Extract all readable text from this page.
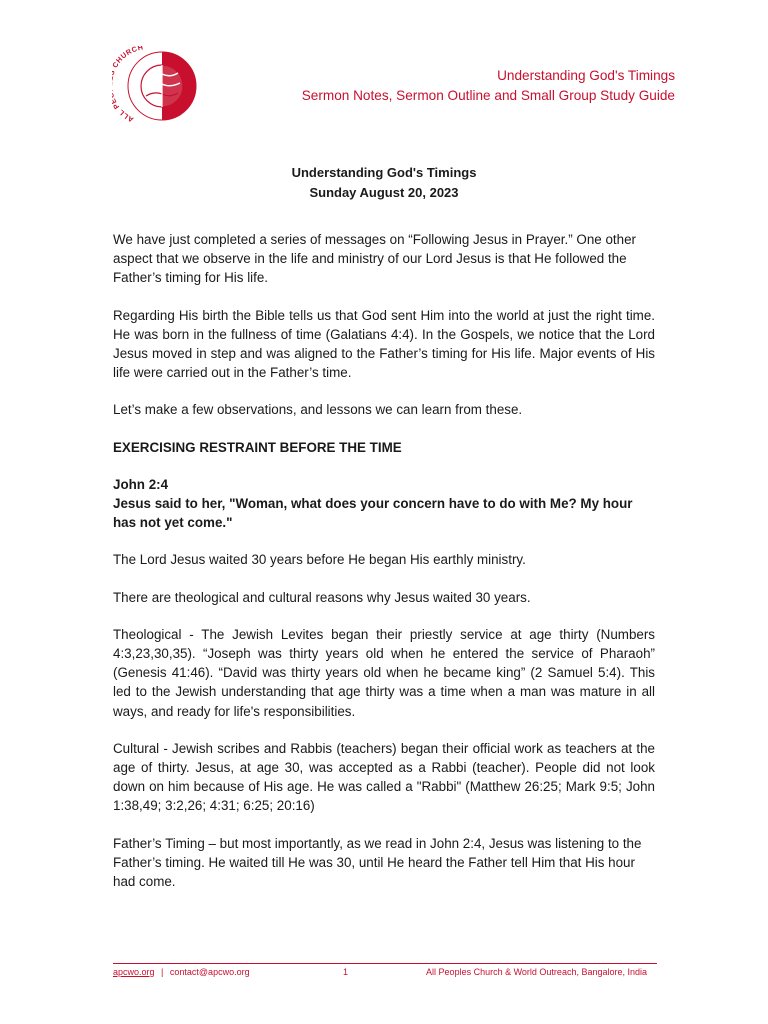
ALL HURCH
Understanding God's Timings
Sermon Notes, Sermon Outline and Small Group Study Guide
Understanding God's Timings
Sunday August 20, 2023

We have just completed a series of messages on “Following Jesus in Prayer.” One other aspect that we observe in the life and ministry of our Lord Jesus is that He followed the Father’s timing for His life.

Regarding His birth the Bible tells us that God sent Him into the world at just the right time. He was born in the fullness of time (Galatians 4:4). In the Gospels, we notice that the Lord Jesus moved in step and was aligned to the Father’s timing for His life. Major events of His life were carried out in the Father’s time.

Let’s make a few observations, and lessons we can learn from these.

EXERCISING RESTRAINT BEFORE THE TIME

John 2:4
Jesus said to her, "Woman, what does your concern have to do with Me? My hour has not yet come."

The Lord Jesus waited 30 years before He began His earthly ministry.

There are theological and cultural reasons why Jesus waited 30 years.

Theological - The Jewish Levites began their priestly service at age thirty (Numbers 4:3,23,30,35). “Joseph was thirty years old when he entered the service of Pharaoh” (Genesis 41:46). “David was thirty years old when he became king” (2 Samuel 5:4). This led to the Jewish understanding that age thirty was a time when a man was mature in all ways, and ready for life's responsibilities.

Cultural - Jewish scribes and Rabbis (teachers) began their official work as teachers at the age of thirty. Jesus, at age 30, was accepted as a Rabbi (teacher). People did not look down on him because of His age. He was called a "Rabbi" (Matthew 26:25; Mark 9:5; John 1:38,49; 3:2,26; 4:31; 6:25; 20:16)

Father’s Timing – but most importantly, as we read in John 2:4, Jesus was listening to the Father’s timing. He waited till He was 30, until He heard the Father tell Him that His hour had come.

apcwo.org | contact@apcwo.org	1	All Peoples Church & World Outreach, Bangalore, India
